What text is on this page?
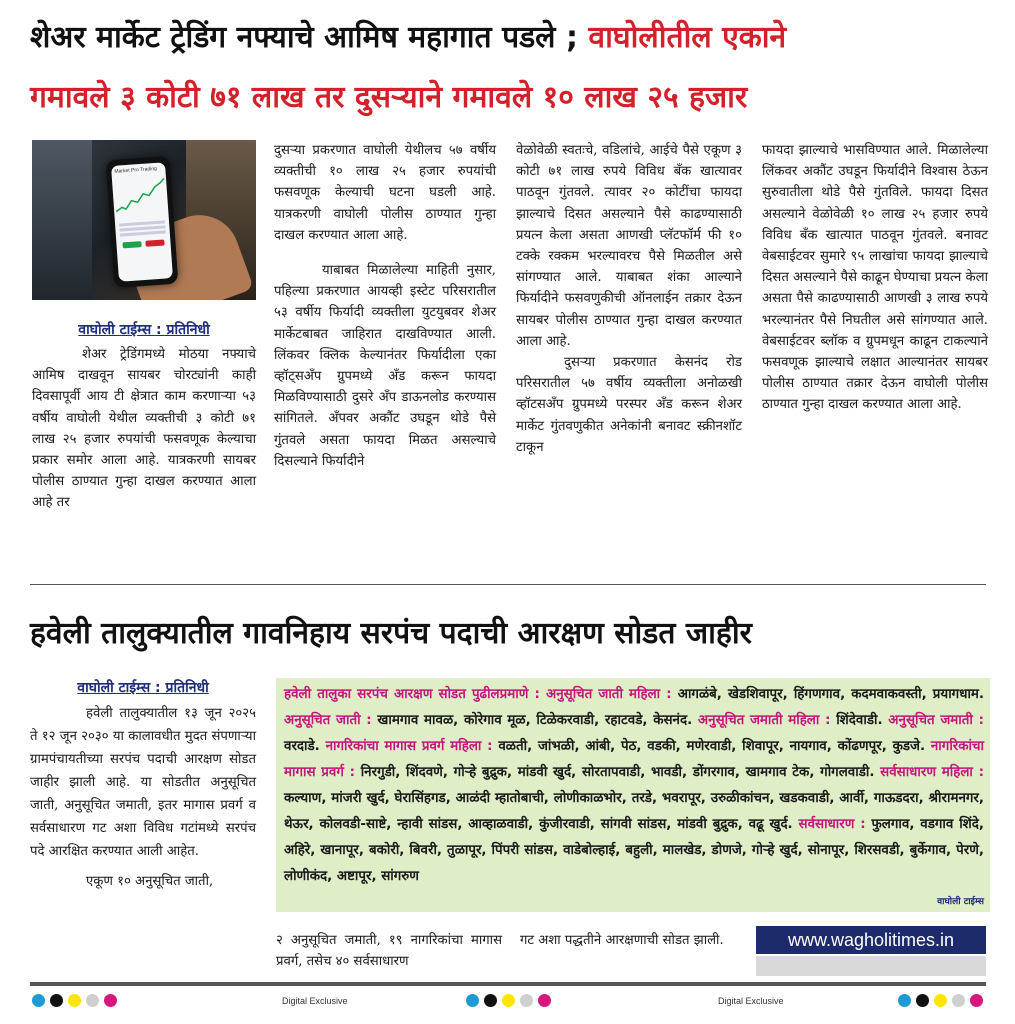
शेअर मार्केट ट्रेडिंग नफ्याचे आमिष महागात पडले ; वाघोलीतील एकाने
गमावले ३ कोटी ७१ लाख तर दुसऱ्याने गमावले १० लाख २५ हजार
Market Pro Trading
वाघोली टाईम्स : प्रतिनिधी
शेअर ट्रेडिंगमध्ये मोठया नफ्याचे आमिष दाखवून सायबर चोरट्यांनी काही दिवसापूर्वी आय टी क्षेत्रात काम करणाऱ्या ५३ वर्षीय वाघोली येथील व्यक्तीची ३ कोटी ७१ लाख २५ हजार रुपयांची फसवणूक केल्याचा प्रकार समोर आला आहे. यात्रकरणी सायबर पोलीस ठाण्यात गुन्हा दाखल करण्यात आला आहे तर

दुसऱ्या प्रकरणात वाघोली येथीलच ५७ वर्षीय व्यक्तीची १० लाख २५ हजार रुपयांची फसवणूक केल्याची घटना घडली आहे. यात्रकरणी वाघोली पोलीस ठाण्यात गुन्हा दाखल करण्यात आला आहे.

याबाबत मिळालेल्या माहिती नुसार, पहिल्या प्रकरणात आयव्ही इस्टेट परिसरातील ५३ वर्षीय फिर्यादी व्यक्तीला युटयुबवर शेअर मार्केटबाबत जाहिरात दाखविण्यात आली. लिंकवर क्लिक केल्यानंतर फिर्यादीला एका व्हॉट्सअँप ग्रुपमध्ये अँड करून फायदा मिळविण्यासाठी दुसरे अँप डाऊनलोड करण्यास सांगितले. अँपवर अकौंट उघडून थोडे पैसे गुंतवले असता फायदा मिळत असल्याचे दिसल्याने फिर्यादीने

वेळोवेळी स्वतःचे, वडिलांचे, आईचे पैसे एकूण ३ कोटी ७१ लाख रुपये विविध बँक खात्यावर पाठवून गुंतवले. त्यावर २० कोटींचा फायदा झाल्याचे दिसत असल्याने पैसे काढण्यासाठी प्रयत्न केला असता आणखी प्लॅटफॉर्म फी १० टक्के रक्कम भरल्यावरच पैसे मिळतील असे सांगण्यात आले. याबाबत शंका आल्याने फिर्यादीने फसवणुकीची ऑनलाईन तक्रार देऊन सायबर पोलीस ठाण्यात गुन्हा दाखल करण्यात आला आहे.

दुसऱ्या प्रकरणात केसनंद रोड परिसरातील ५७ वर्षीय व्यक्तीला अनोळखी व्हॉटसअँप ग्रुपमध्ये परस्पर अँड करून शेअर मार्केट गुंतवणुकीत अनेकांनी बनावट स्क्रीनशॉट टाकून

फायदा झाल्याचे भासविण्यात आले. मिळालेल्या लिंकवर अकौंट उघडून फिर्यादीने विश्वास ठेऊन सुरुवातीला थोडे पैसे गुंतविले. फायदा दिसत असल्याने वेळोवेळी १० लाख २५ हजार रुपये विविध बँक खात्यात पाठवून गुंतवले. बनावट वेबसाईटवर सुमारे ९५ लाखांचा फायदा झाल्याचे दिसत असल्याने पैसे काढून घेण्याचा प्रयत्न केला असता पैसे काढण्यासाठी आणखी ३ लाख रुपये भरल्यानंतर पैसे निघतील असे सांगण्यात आले. वेबसाईटवर ब्लॉक व ग्रुपमधून काढून टाकल्याने फसवणूक झाल्याचे लक्षात आल्यानंतर सायबर पोलीस ठाण्यात तक्रार देऊन वाघोली पोलीस ठाण्यात गुन्हा दाखल करण्यात आला आहे.
हवेली तालुक्यातील गावनिहाय सरपंच पदाची आरक्षण सोडत जाहीर
वाघोली टाईम्स : प्रतिनिधी

हवेली तालुक्यातील १३ जून २०२५ ते १२ जून २०३० या कालावधीत मुदत संपणाऱ्या ग्रामपंचायतीच्या सरपंच पदाची आरक्षण सोडत जाहीर झाली आहे. या सोडतीत अनुसूचित जाती, अनुसूचित जमाती, इतर मागास प्रवर्ग व सर्वसाधारण गट अशा विविध गटांमध्ये सरपंच पदे आरक्षित करण्यात आली आहेत.

एकूण १० अनुसूचित जाती,

हवेली तालुका सरपंच आरक्षण सोडत पुढीलप्रमाणे : अनुसूचित जाती महिला : आगळंबे, खेडशिवापूर, हिंगणगाव, कदमवाकवस्ती, प्रयागधाम. अनुसूचित जाती : खामगाव मावळ, कोरेगाव मूळ, टिळेकरवाडी, रहाटवडे, केसनंद. अनुसूचित जमाती महिला : शिंदेवाडी. अनुसूचित जमाती : वरदाडे. नागरिकांचा मागास प्रवर्ग महिला : वळती, जांभळी, आंबी, पेठ, वडकी, मणेरवाडी, शिवापूर, नायगाव, कोंढणपूर, कुडजे. नागरिकांचा मागास प्रवर्ग : निरगुडी, शिंदवणे, गोऱ्हे बुद्रुक, मांडवी खुर्द, सोरतापवाडी, भावडी, डोंगरगाव, खामगाव टेक, गोगलवाडी. सर्वसाधारण महिला : कल्याण, मांजरी खुर्द, घेरासिंहगड, आळंदी म्हातोबाची, लोणीकाळभोर, तरडे, भवरापूर, उरुळीकांचन, खडकवाडी, आर्वी, गाऊडदरा, श्रीरामनगर, थेऊर, कोलवडी-साष्टे, न्हावी सांडस, आव्हाळवाडी, कुंजीरवाडी, सांगवी सांडस, मांडवी बुद्रुक, वढू खुर्द. सर्वसाधारण : फुलगाव, वडगाव शिंदे, अहिरे, खानापूर, बकोरी, बिवरी, तुळापूर, पिंपरी सांडस, वाडेबोल्हाई, बहुली, मालखेड, डोणजे, गोऱ्हे खुर्द, सोनापूर, शिरसवडी, बुर्केगाव, पेरणे, लोणीकंद, अष्टापूर, सांगरुण
वाघोली टाईम्स
२ अनुसूचित जमाती, १९ नागरिकांचा मागास प्रवर्ग, तसेच ४० सर्वसाधारण
गट अशा पद्धतीने आरक्षणाची सोडत झाली.	www.wagholitimes.in
Digital Exclusive	Digital Exclusive
